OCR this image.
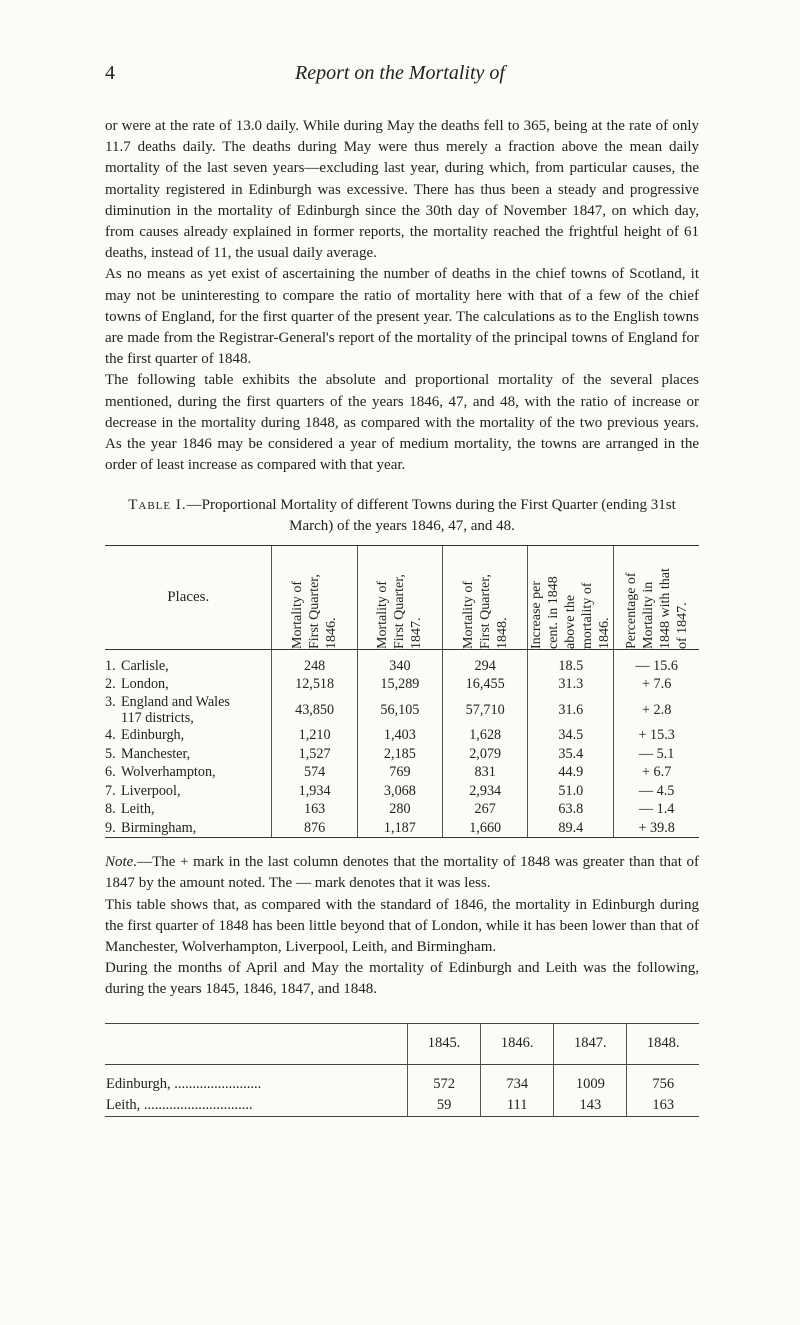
4	Report on the Mortality of

or were at the rate of 13.0 daily. While during May the deaths fell to 365, being at the rate of only 11.7 deaths daily. The deaths during May were thus merely a fraction above the mean daily mortality of the last seven years—excluding last year, during which, from particular causes, the mortality registered in Edinburgh was excessive. There has thus been a steady and progressive diminution in the mortality of Edinburgh since the 30th day of November 1847, on which day, from causes already explained in former reports, the mortality reached the frightful height of 61 deaths, instead of 11, the usual daily average.

As no means as yet exist of ascertaining the number of deaths in the chief towns of Scotland, it may not be uninteresting to compare the ratio of mortality here with that of a few of the chief towns of England, for the first quarter of the present year. The calculations as to the English towns are made from the Registrar-General's report of the mortality of the principal towns of England for the first quarter of 1848.

The following table exhibits the absolute and proportional mortality of the several places mentioned, during the first quarters of the years 1846, 47, and 48, with the ratio of increase or decrease in the mortality during 1848, as compared with the mortality of the two previous years. As the year 1846 may be considered a year of medium mortality, the towns are arranged in the order of least increase as compared with that year.

Table I.—Proportional Mortality of different Towns during the First Quarter (ending 31st March) of the years 1846, 47, and 48.
Places.	Mortality of First Quarter, 1846.	Mortality of First Quarter, 1847.	Mortality of First Quarter, 1848.	Increase per cent. in 1848 above the mortality of 1846.	Percentage of Mortality in 1848 with that of 1847.

1. Carlisle,	248	340	294	18.5	— 15.6
2. London,	12,518	15,289	16,455	31.3	+ 7.6
3. England and Wales
117 districts,	43,850	56,105	57,710	31.6	+ 2.8
4. Edinburgh,	1,210	1,403	1,628	34.5	+ 15.3
5. Manchester,	1,527	2,185	2,079	35.4	— 5.1
6. Wolverhampton,	574	769	831	44.9	+ 6.7
7. Liverpool,	1,934	3,068	2,934	51.0	— 4.5
8. Leith,	163	280	267	63.8	— 1.4
9. Birmingham,	876	1,187	1,660	89.4	+ 39.8

Note.—The + mark in the last column denotes that the mortality of 1848 was greater than that of 1847 by the amount noted. The — mark denotes that it was less.

This table shows that, as compared with the standard of 1846, the mortality in Edinburgh during the first quarter of 1848 has been little beyond that of London, while it has been lower than that of Manchester, Wolverhampton, Liverpool, Leith, and Birmingham.

During the months of April and May the mortality of Edinburgh and Leith was the following, during the years 1845, 1846, 1847, and 1848.

	1845.	1846.	1847.	1848.
Edinburgh, ........................	572	734	1009	756
Leith, ..............................	59	111	143	163
